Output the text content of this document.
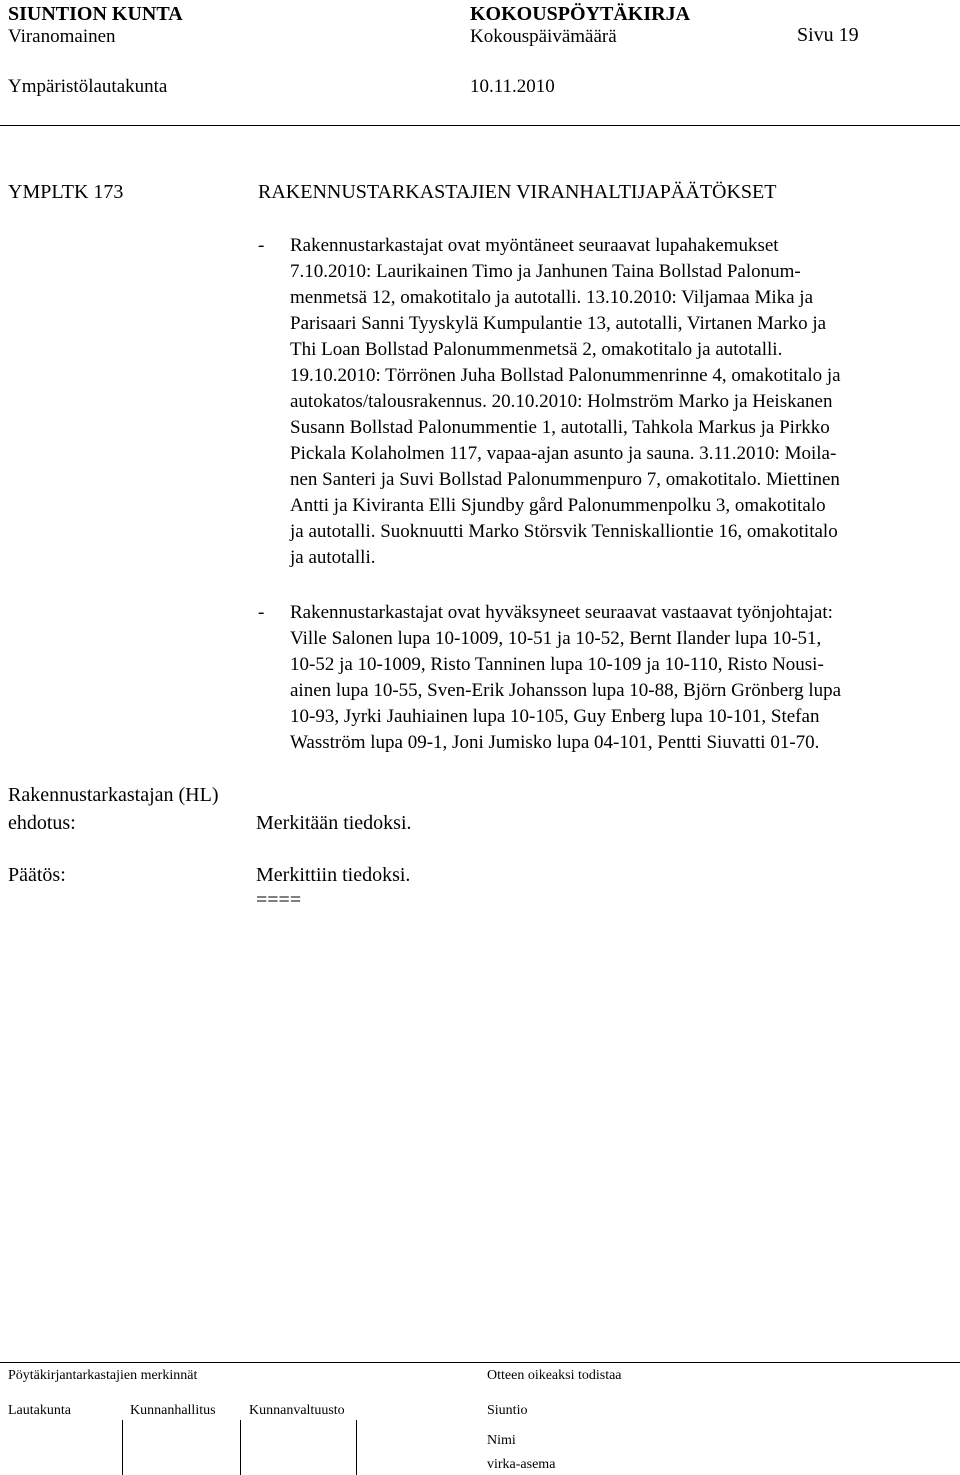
SIUNTION KUNTA	KOKOUSPÖYTÄKIRJA
Viranomainen	Kokouspäivämäärä	Sivu 19
Ympäristölautakunta	10.11.2010
YMPLTK 173	RAKENNUSTARKASTAJIEN VIRANHALTIJAPÄÄTÖKSET
- Rakennustarkastajat ovat myöntäneet seuraavat lupahakemukset
7.10.2010: Laurikainen Timo ja Janhunen Taina Bollstad Palonum-
menmetsä 12, omakotitalo ja autotalli. 13.10.2010: Viljamaa Mika ja
Parisaari Sanni Tyyskylä Kumpulantie 13, autotalli, Virtanen Marko ja
Thi Loan Bollstad Palonummenmetsä 2, omakotitalo ja autotalli.
19.10.2010: Törrönen Juha Bollstad Palonummenrinne 4, omakotitalo ja
autokatos/talousrakennus. 20.10.2010: Holmström Marko ja Heiskanen
Susann Bollstad Palonummentie 1, autotalli, Tahkola Markus ja Pirkko
Pickala Kolaholmen 117, vapaa-ajan asunto ja sauna. 3.11.2010: Moila-
nen Santeri ja Suvi Bollstad Palonummenpuro 7, omakotitalo. Miettinen
Antti ja Kiviranta Elli Sjundby gård Palonummenpolku 3, omakotitalo
ja autotalli. Suoknuutti Marko Störsvik Tenniskalliontie 16, omakotitalo
ja autotalli.
- Rakennustarkastajat ovat hyväksyneet seuraavat vastaavat työnjohtajat:
Ville Salonen lupa 10-1009, 10-51 ja 10-52, Bernt Ilander lupa 10-51,
10-52 ja 10-1009, Risto Tanninen lupa 10-109 ja 10-110, Risto Nousi-
ainen lupa 10-55, Sven-Erik Johansson lupa 10-88, Björn Grönberg lupa
10-93, Jyrki Jauhiainen lupa 10-105, Guy Enberg lupa 10-101, Stefan
Wasström lupa 09-1, Joni Jumisko lupa 04-101, Pentti Siuvatti 01-70.
Rakennustarkastajan (HL)
ehdotus:	Merkitään tiedoksi.
Päätös:	Merkittiin tiedoksi.
====
Pöytäkirjantarkastajien merkinnät	Otteen oikeaksi todistaa
Lautakunta	Kunnanhallitus Kunnanvaltuusto	Siuntio
Nimi
virka-asema
